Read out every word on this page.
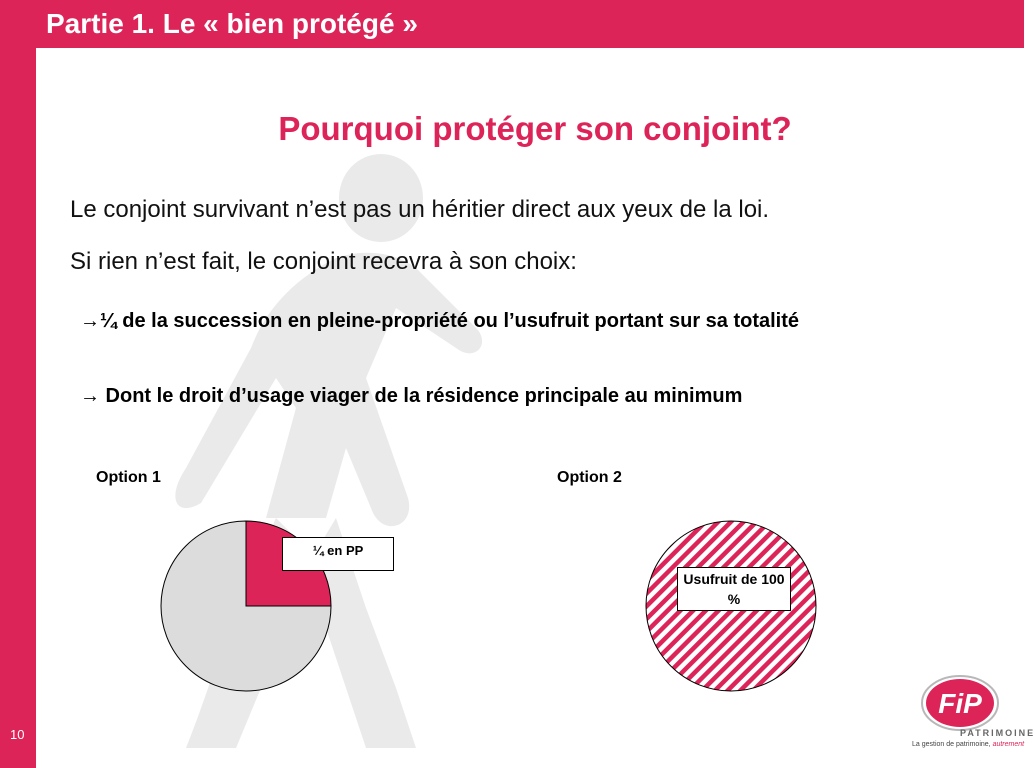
Partie 1. Le « bien protégé »
10
Pourquoi protéger son conjoint?
Le conjoint survivant n’est pas un héritier direct aux yeux de la loi.
Si rien n’est fait, le conjoint recevra à son choix:
→¼ de la succession en pleine-propriété ou l’usufruit portant sur sa totalité
→ Dont le droit d’usage viager de la résidence principale au minimum
Option 1	Option 2
¼ en PP
Usufruit de 100 %
FiP
PATRIMOINE
La gestion de patrimoine, autrement
